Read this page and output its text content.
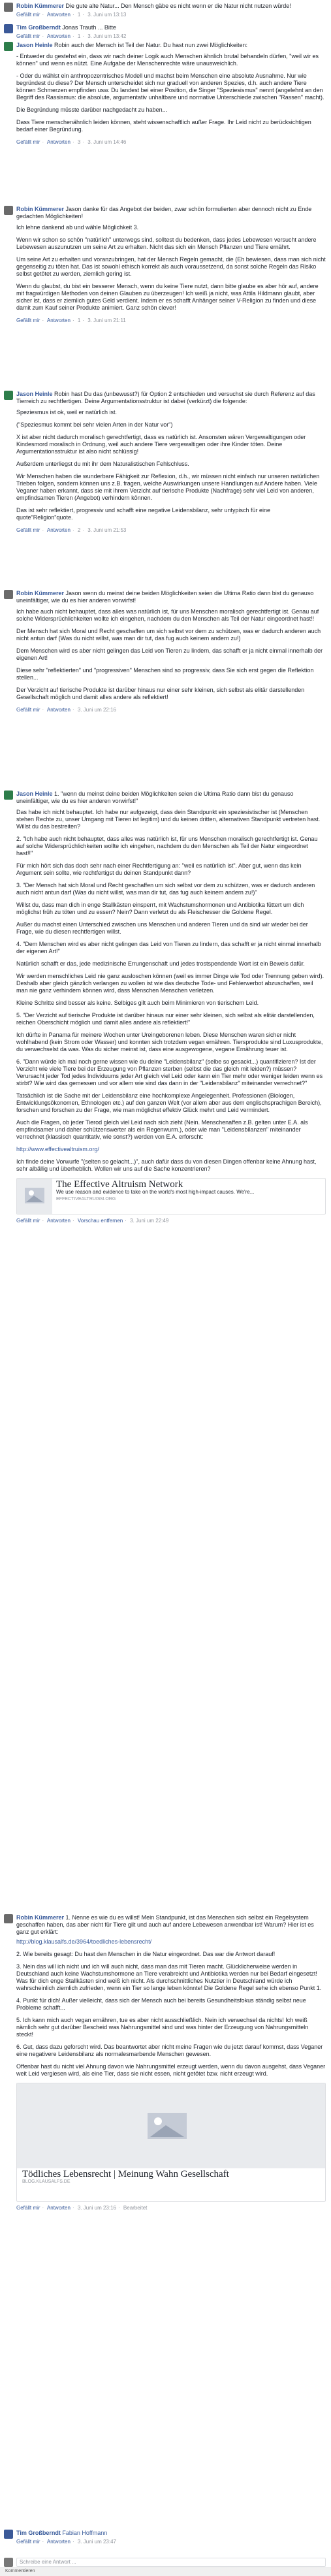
Robin Kümmerer Die gute alte Natur... Den Mensch gäbe es nicht wenn er die Natur nicht nutzen würde!
Gefällt mir · Antworten · 1 · 3. Juni um 13:13
Tim Großberndt Jonas Trauth ... Bitte
Gefällt mir · Antworten · 1 · 3. Juni um 13:42
Jason Heinle Robin auch der Mensch ist Teil der Natur. Du hast nun zwei Möglichkeiten:

- Entweder du gestehst ein, dass wir nach deiner Logik auch Menschen ähnlich brutal behandeln dürfen, "weil wir es können" und wenn es nützt. Eine Aufgabe der Menschenrechte wäre unausweichlich.

- Oder du wählst ein anthropozentrisches Modell und machst beim Menschen eine absolute Ausnahme. Nur wie begründest du diese? Der Mensch unterscheidet sich nur graduell von anderen Spezies, d.h. auch andere Tiere können Schmerzen empfinden usw. Du landest bei einer Position, die Singer "Speziesismus" nennt (angelehnt an den Begriff des Rassismus: die absolute, argumentativ unhaltbare und normative Unterschiede zwischen "Rassen" macht).

Die Begründung müsste darüber nachgedacht zu haben...

Dass Tiere menschenähnlich leiden können, steht wissenschaftlich außer Frage. Ihr Leid nicht zu berücksichtigen bedarf einer Begründung.

Gefällt mir · Antworten · 3 · 3. Juni um 14:46
Robin Kümmerer Jason danke für das Angebot der beiden, zwar schön formulierten aber dennoch nicht zu Ende gedachten Möglichkeiten!

Ich lehne dankend ab und wähle Möglichkeit 3.

Wenn wir schon so schön "natürlich" unterwegs sind, solltest du bedenken, dass jedes Lebewesen versucht andere Lebewesen auszunutzen um seine Art zu erhalten. Nicht das sich ein Mensch Pflanzen und Tiere ernährt.

Um seine Art zu erhalten und voranzubringen, hat der Mensch Regeln gemacht, die (Eh bewiesen, dass man sich nicht gegenseitig zu töten hat. Das ist sowohl ethisch korrekt als auch voraussetzend, da sonst solche Regeln das Risiko selbst getötet zu werden, ziemlich gering ist.

Wenn du glaubst, du bist ein besserer Mensch, wenn du keine Tiere nutzt, dann bitte glaube es aber hör auf, andere mit fragwürdigen Methoden von deinen Glauben zu überzeugen! Ich weiß ja nicht, was Attila Hildmann glaubt, aber sicher ist, dass er ziemlich gutes Geld verdient. Indem er es schafft Anhänger seiner V-Religion zu finden und diese damit zum Kauf seiner Produkte animiert. Ganz schön clever!

Gefällt mir · Antworten · 1 · 3. Juni um 21:11
Jason Heinle Robin hast Du das (unbewusst?) für Option 2 entschieden und versuchst sie durch Referenz auf das Tierreich zu rechtfertigen. Deine Argumentationsstruktur ist dabei (verkürzt) die folgende:

Speziesmus ist ok, weil er natürlich ist.

("Speziesmus kommt bei sehr vielen Arten in der Natur vor")

X ist aber nicht dadurch moralisch gerechtfertigt, dass es natürlich ist. Ansonsten wären Vergewaltigungen oder Kindesmord moralisch in Ordnung, weil auch andere Tiere vergewaltigen oder ihre Kinder töten. Deine Argumentationsstruktur ist also nicht schlüssig!

Außerdem unterliegst du mit ihr dem Naturalistischen Fehlschluss.

Wir Menschen haben die wunderbare Fähigkeit zur Reflexion, d.h., wir müssen nicht einfach nur unseren natürlichen Trieben folgen, sondern können uns z.B. fragen, welche Auswirkungen unsere Handlungen auf Andere haben. Viele Veganer haben erkannt, dass sie mit ihrem Verzicht auf tierische Produkte (Nachfrage) sehr viel Leid von anderen, empfindsamen Tieren (Angebot) verhindern können.

Das ist sehr reflektiert, progressiv und schafft eine negative Leidensbilanz, sehr untypisch für eine quote"Religion"quote.

Gefällt mir · Antworten · 2 · 3. Juni um 21:53
Robin Kümmerer Jason wenn du meinst deine beiden Möglichkeiten seien die Ultima Ratio dann bist du genauso uneinfältiger, wie du es hier anderen vorwirfst!

Ich habe auch nicht behauptet, dass alles was natürlich ist, für uns Menschen moralisch gerechtfertigt ist. Genau auf solche Widersprüchlichkeiten wollte ich eingehen, nachdem du den Menschen als Teil der Natur eingeordnet hast!!

Der Mensch hat sich Moral und Recht geschaffen um sich selbst vor dem zu schützen, was er dadurch anderen auch nicht antun darf (Was du nicht willst, was man dir tut, das fug auch keinem andern zu!)

Dem Menschen wird es aber nicht gelingen das Leid von Tieren zu lindern, das schafft er ja nicht einmal innerhalb der eigenen Art!

Diese sehr "reflektierten" und "progressiven" Menschen sind so progressiv, dass Sie sich erst gegen die Reflektion stellen...

Der Verzicht auf tierische Produkte ist darüber hinaus nur einer sehr kleinen, sich selbst als elitär darstellenden Gesellschaft möglich und damit alles andere als reflektiert!

Gefällt mir · Antworten · 3. Juni um 22:16
Jason Heinle 1. "wenn du meinst deine beiden Möglichkeiten seien die Ultima Ratio dann bist du genauso uneinfältiger, wie du es hier anderen vorwirfst!"

Das habe ich nicht behauptet. Ich habe nur aufgezeigt, dass dein Standpunkt ein speziesistischer ist (Menschen stehen Rechte zu, unser Umgang mit Tieren ist legitim) und du keinen dritten, alternativen Standpunkt vertreten hast. Willst du das bestreiten?

2. "Ich habe auch nicht behauptet, dass alles was natürlich ist, für uns Menschen moralisch gerechtfertigt ist. Genau auf solche Widersprüchlichkeiten wollte ich eingehen, nachdem du den Menschen als Teil der Natur eingeordnet hast!!"

Für mich hört sich das doch sehr nach einer Rechtfertigung an: "weil es natürlich ist". Aber gut, wenn das kein Argument sein sollte, wie rechtfertigst du deinen Standpunkt dann?

3. "Der Mensch hat sich Moral und Recht geschaffen um sich selbst vor dem zu schützen, was er dadurch anderen auch nicht antun darf (Was du nicht willst, was man dir tut, das fug auch keinem andern zu!)"

Willst du, dass man dich in enge Stallkästen einsperrt, mit Wachstumshormonen und Antibiotika füttert um dich möglichst früh zu töten und zu essen? Nein? Dann verletzt du als Fleischesser die Goldene Regel.

Außer du machst einen Unterschied zwischen uns Menschen und anderen Tieren und da sind wir wieder bei der Frage, wie du diesen rechtfertigen willst.

4. "Dem Menschen wird es aber nicht gelingen das Leid von Tieren zu lindern, das schafft er ja nicht einmal innerhalb der eigenen Art!"

Natürlich schafft er das, jede medizinische Errungenschaft und jedes trostspendende Wort ist ein Beweis dafür.

Wir werden menschliches Leid nie ganz ausloschen können (weil es immer Dinge wie Tod oder Trennung geben wird). Deshalb aber gleich gänzlich verlangen zu wollen ist wie das deutsche Tode- und Fehlerwerbot abzuschaffen, weil man nie ganz verhindern können wird, dass Menschen Menschen verletzen.

Kleine Schritte sind besser als keine. Selbiges gilt auch beim Minimieren von tierischem Leid.

5. "Der Verzicht auf tierische Produkte ist darüber hinaus nur einer sehr kleinen, sich selbst als elitär darstellenden, reichen Oberschicht möglich und damit alles andere als reflektiert!"

Ich dürfte in Panama für meinere Wochen unter Ureingeborenen leben. Diese Menschen waren sicher nicht wohlhabend (kein Strom oder Wasser) und konnten sich trotzdem vegan ernähren. Tiersprodukte sind Luxusprodukte, du verwechselst da was. Was du sicher meinst ist, dass eine ausgewogene, vegane Ernährung teuer ist.

6. "Dann würde ich mal noch gerne wissen wie du deine "Leidensbilanz" (selbe so gesackt...) quantifizieren? Ist der Verzicht wie viele Tiere bei der Erzeugung von Pflanzen sterben (selbst die das gleich mit leiden?) müssen? Verursacht jeder Tod jedes Individuums jeder Art gleich viel Leid oder kann ein Tier mehr oder weniger leiden wenn es stirbt? Wie wird das gemessen und vor allem wie sind das dann in der "Leidensbilanz" miteinander verrechnet?"

Tatsächlich ist die Sache mit der Leidensbilanz eine hochkomplexe Angelegenheit. Professionen (Biologen, Entwicklungsökonomen, Ethnologen etc.) auf den ganzen Welt (vor allem aber aus dem englischsprachigen Bereich), forschen und forschen zu der Frage, wie man möglichst effektiv Glück mehrt und Leid vermindert.

Auch die Fragen, ob jeder Tierod gleich viel Leid nach sich zieht (Nein. Menschenaffen z.B. gelten unter E.A. als empfindsamer und daher schützenswerter als ein Regenwurm.), oder wie man "Leidensbilanzen" miteinander verrechnet (klassisch quantitativ, wie sonst?) werden von E.A. erforscht:

http://www.effectivealtruism.org/

Ich finde deine Vorwurfe "(selten so gelacht...)", auch dafür dass du von diesen Dingen offenbar keine Ahnung hast, sehr albällig und überheblich. Wollen wir uns auf die Sache konzentrieren?

The Effective Altruism Network
We use reason and evidence to take on the world's most high-impact causes. We're...
EFFECTIVEALTRUISM.ORG
Gefällt mir · Antworten · Vorschau entfernen · 3. Juni um 22:49
Robin Kümmerer 1. Nenne es wie du es willst! Mein Standpunkt, ist das Menschen sich selbst ein Regelsystem geschaffen haben, das aber nicht für Tiere gilt und auch auf andere Lebewesen anwendbar ist! Warum? Hier ist es ganz gut erklärt:

http://blog.klausalfs.de/3964/toedliches-lebensrecht/

2. Wie bereits gesagt: Du hast den Menschen in die Natur eingeordnet. Das war die Antwort darauf!

3. Nein das will ich nicht und ich will auch nicht, dass man das mit Tieren macht. Glücklicherweise werden in Deutschland auch keine Wachstumshormone an Tiere verabreicht und Antibiotika werden nur bei Bedarf eingesetzt! Was für dich enge Stallkästen sind weiß ich nicht. Als durchschnittliches Nutztier in Deutschland würde ich wahrscheinlich ziemlich zufrieden, wenn ein Tier so lange leben könnte! Die Goldene Regel sehe ich ebenso Punkt 1.

4. Punkt für dich! Außer vielleicht, dass sich der Mensch auch bei bereits Gesundheitsfokus ständig selbst neue Probleme schafft...

5. Ich kann mich auch vegan ernähren, tue es aber nicht ausschließlich. Nein ich verwechsel da nichts! Ich weiß nämlich sehr gut darüber Bescheid was Nahrungsmittel sind und was hinter der Erzeugung von Nahrungsmitteln steckt!

6. Gut, dass dazu geforscht wird. Das beantwortet aber nicht meine Fragen wie du jetzt darauf kommst, dass Veganer eine negativere Leidensbilanz als normalesmarbende Menschen gewesen.

Offenbar hast du nicht viel Ahnung davon wie Nahrungsmittel erzeugt werden, wenn du davon ausgehst, dass Veganer weit Leid vergiesen wird, als eine Tier, dass sie nicht essen, nicht getötet bzw. nicht erzeugt wird.

Tödliches Lebensrecht | Meinung Wahn Gesellschaft
BLOG.KLAUSALFS.DE
Gefällt mir · Antworten · 3. Juni um 23:16 · Bearbeitet
Tim Großberndt Fabian Hoffmann
Gefällt mir · Antworten · 3. Juni um 23:47
Schreibe eine Antwort ...
Kommentieren
